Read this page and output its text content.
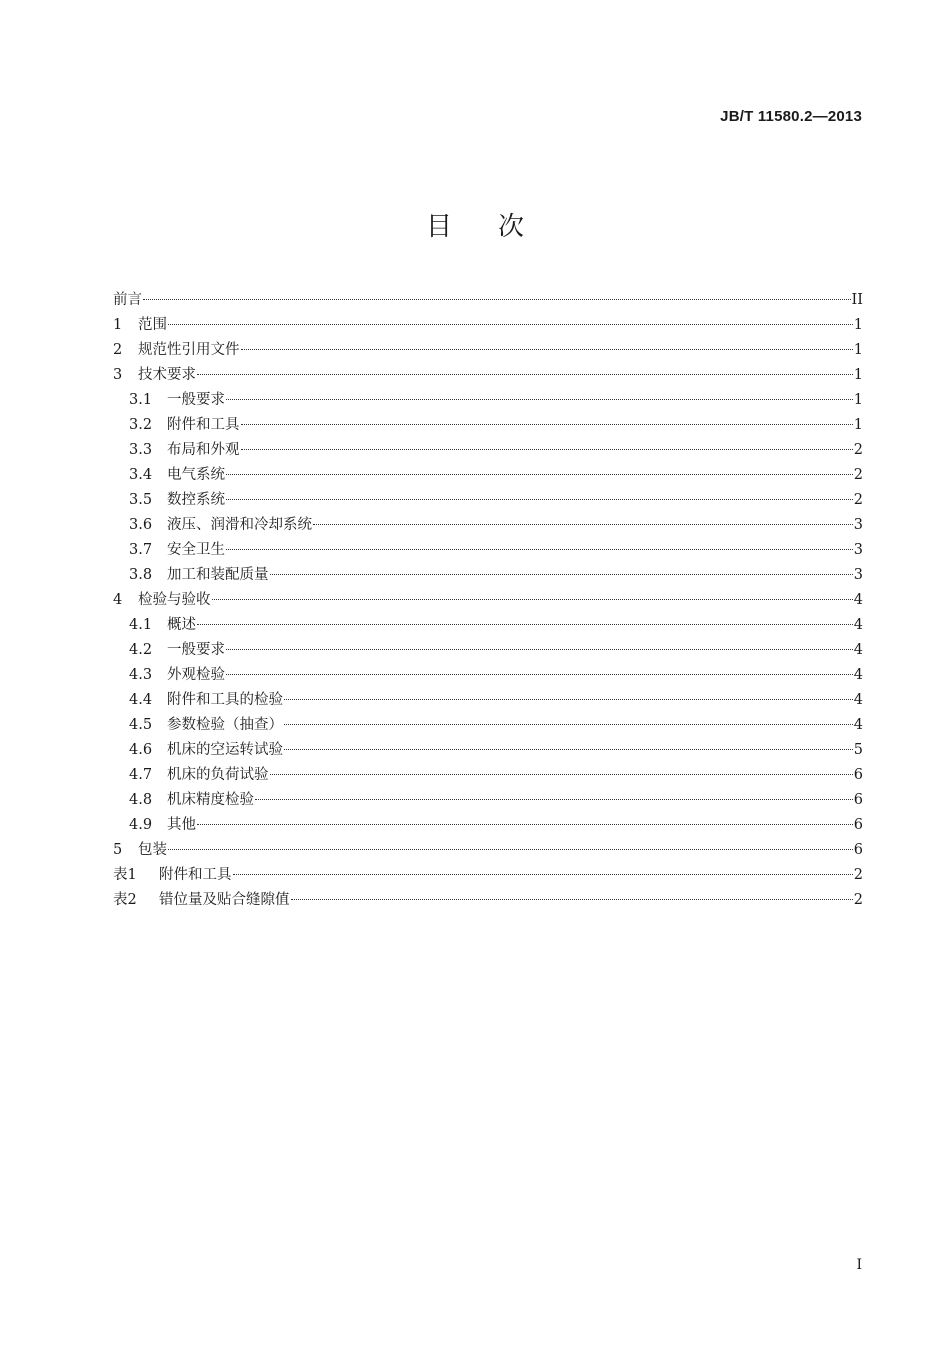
JB/T 11580.2—2013
目次
前言	II
1	范围	1
2	规范性引用文件	1
3	技术要求	1
3.1	一般要求	1
3.2	附件和工具	1
3.3	布局和外观	2
3.4	电气系统	2
3.5	数控系统	2
3.6	液压、润滑和冷却系统	3
3.7	安全卫生	3
3.8	加工和装配质量	3
4	检验与验收	4
4.1	概述	4
4.2	一般要求	4
4.3	外观检验	4
4.4	附件和工具的检验	4
4.5	参数检验（抽查）	4
4.6	机床的空运转试验	5
4.7	机床的负荷试验	6
4.8	机床精度检验	6
4.9	其他	6
5	包装	6
表1	附件和工具	2
表2	错位量及贴合缝隙值	2
I
